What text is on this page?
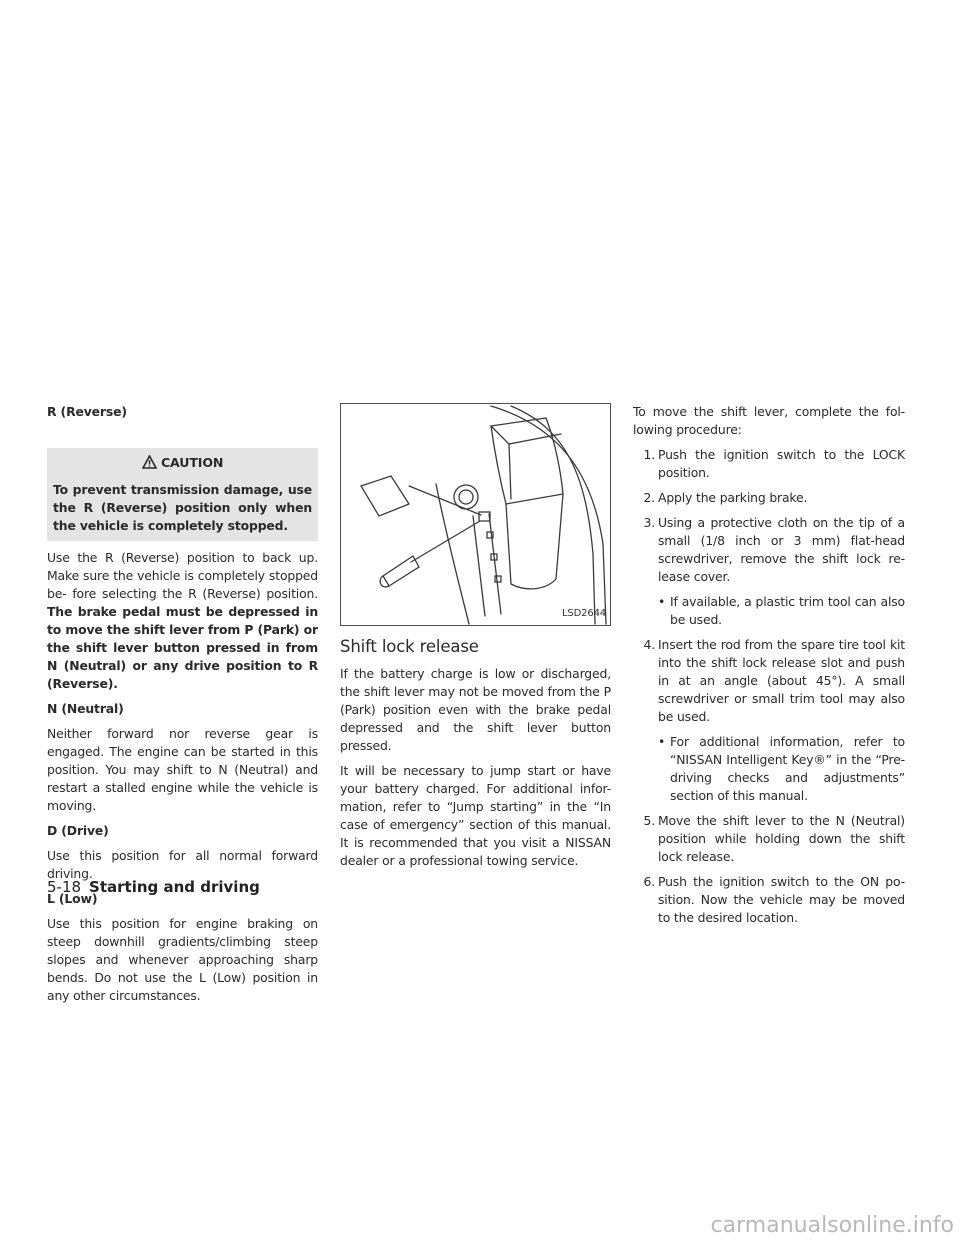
R (Reverse)
CAUTION
To prevent transmission damage, use the R (Reverse) position only when the vehicle is completely stopped.

Use the R (Reverse) position to back up. Make sure the vehicle is completely stopped be- fore selecting the R (Reverse) position. The brake pedal must be depressed in to move the shift lever from P (Park) or the shift lever button pressed in from N (Neutral) or any drive position to R (Reverse).

N (Neutral)

Neither forward nor reverse gear is engaged. The engine can be started in this position. You may shift to N (Neutral) and restart a stalled engine while the vehicle is moving.

D (Drive)

Use this position for all normal forward driving.

L (Low)

Use this position for engine braking on steep downhill gradients/climbing steep slopes and whenever approaching sharp bends. Do not use the L (Low) position in any other circumstances.

LSD2644
Shift lock release

If the battery charge is low or discharged, the shift lever may not be moved from the P (Park) position even with the brake pedal depressed and the shift lever button pressed.

It will be necessary to jump start or have your battery charged. For additional infor- mation, refer to “Jump starting” in the “In case of emergency” section of this manual. It is recommended that you visit a NISSAN dealer or a professional towing service.

To move the shift lever, complete the fol- lowing procedure:

1. Push the ignition switch to the LOCK position.
2. Apply the parking brake.
3. Using a protective cloth on the tip of a small (1/8 inch or 3 mm) flat-head screwdriver, remove the shift lock re- lease cover.
• If available, a plastic trim tool can also be used.
4. Insert the rod from the spare tire tool kit into the shift lock release slot and push in at an angle (about 45°). A small screwdriver or small trim tool may also be used.
• For additional information, refer to “NISSAN Intelligent Key®” in the “Pre- driving checks and adjustments” section of this manual.
5. Move the shift lever to the N (Neutral) position while holding down the shift lock release.
6. Push the ignition switch to the ON po- sition. Now the vehicle may be moved to the desired location.
5-18 Starting and driving
carmanualsonline.info
